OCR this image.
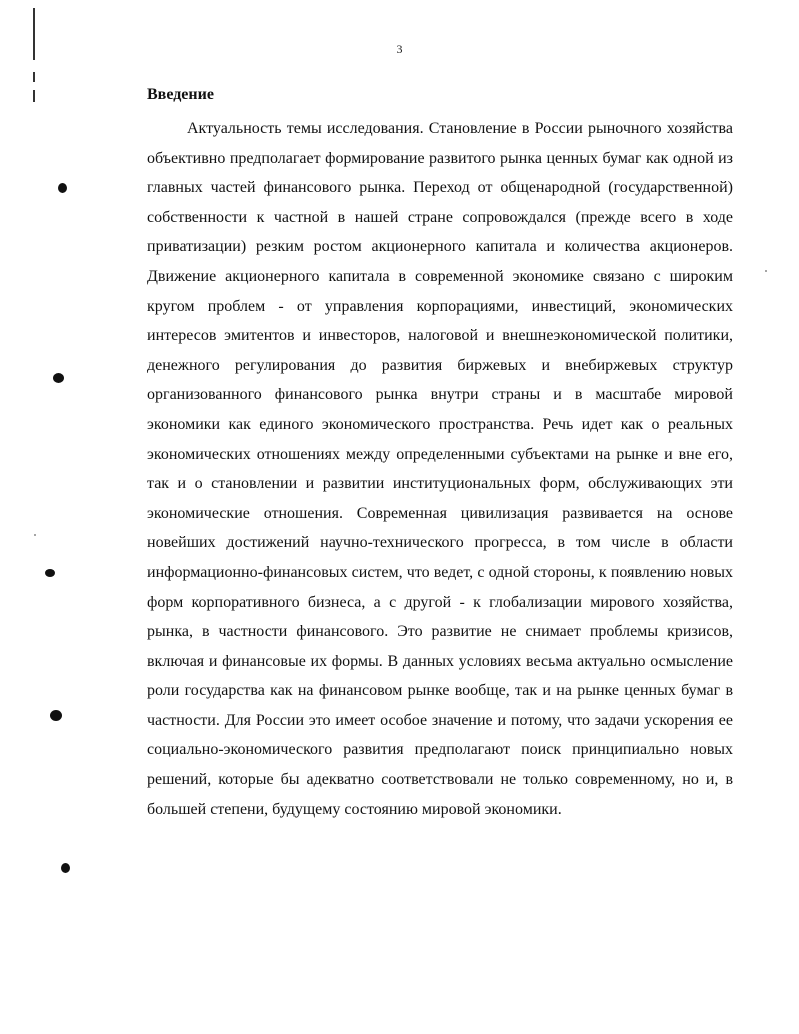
3
Введение

Актуальность темы исследования. Становление в России рыночного хозяйства объективно предполагает формирование развитого рынка ценных бумаг как одной из главных частей финансового рынка. Переход от общенародной (государственной) собственности к частной в нашей стране сопровождался (прежде всего в ходе приватизации) резким ростом акционерного капитала и количества акционеров. Движение акционерного капитала в современной экономике связано с широким кругом проблем - от управления корпорациями, инвестиций, экономических интересов эмитентов и инвесторов, налоговой и внешнеэкономической политики, денежного регулирования до развития биржевых и внебиржевых структур организованного финансового рынка внутри страны и в масштабе мировой экономики как единого экономического пространства. Речь идет как о реальных экономических отношениях между определенными субъектами на рынке и вне его, так и о становлении и развитии институциональных форм, обслуживающих эти экономические отношения. Современная цивилизация развивается на основе новейших достижений научно-технического прогресса, в том числе в области информационно-финансовых систем, что ведет, с одной стороны, к появлению новых форм корпоративного бизнеса, а с другой - к глобализации мирового хозяйства, рынка, в частности финансового. Это развитие не снимает проблемы кризисов, включая и финансовые их формы. В данных условиях весьма актуально осмысление роли государства как на финансовом рынке вообще, так и на рынке ценных бумаг в частности. Для России это имеет особое значение и потому, что задачи ускорения ее социально-экономического развития предполагают поиск принципиально новых решений, которые бы адекватно соответствовали не только современному, но и, в большей степени, будущему состоянию мировой экономики.
